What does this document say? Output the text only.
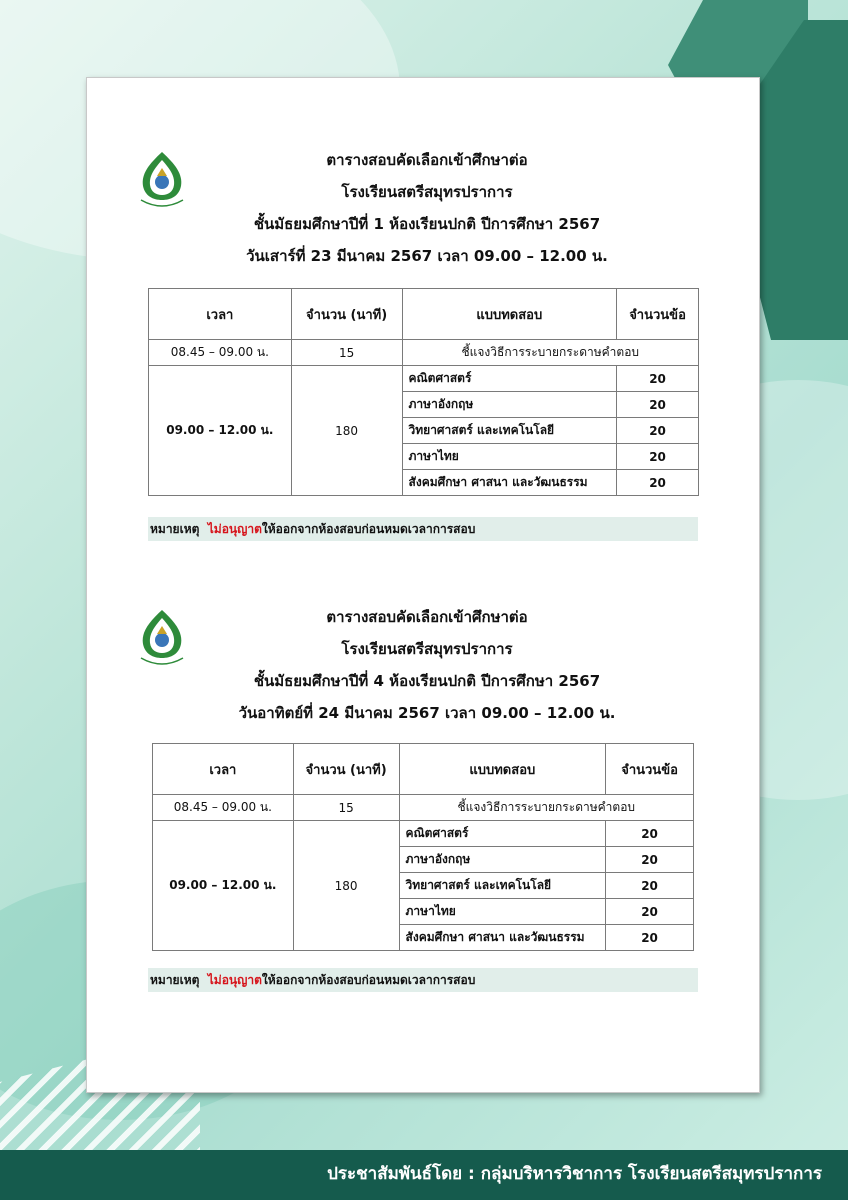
ตารางสอบคัดเลือกเข้าศึกษาต่อ
โรงเรียนสตรีสมุทรปราการ
ชั้นมัธยมศึกษาปีที่ 1 ห้องเรียนปกติ ปีการศึกษา 2567
วันเสาร์ที่ 23 มีนาคม 2567 เวลา 09.00 – 12.00 น.
เวลา	จำนวน (นาที)	แบบทดสอบ	จำนวนข้อ
08.45 – 09.00 น.	15	ชี้แจงวิธีการระบายกระดาษคำตอบ	
09.00 – 12.00 น.	180	คณิตศาสตร์	20
		ภาษาอังกฤษ	20
		วิทยาศาสตร์ และเทคโนโลยี	20
		ภาษาไทย	20
		สังคมศึกษา ศาสนา และวัฒนธรรม	20
หมายเหตุ ไม่อนุญาตให้ออกจากห้องสอบก่อนหมดเวลาการสอบ
ตารางสอบคัดเลือกเข้าศึกษาต่อ
โรงเรียนสตรีสมุทรปราการ
ชั้นมัธยมศึกษาปีที่ 4 ห้องเรียนปกติ ปีการศึกษา 2567
วันอาทิตย์ที่ 24 มีนาคม 2567 เวลา 09.00 – 12.00 น.
เวลา	จำนวน (นาที)	แบบทดสอบ	จำนวนข้อ
08.45 – 09.00 น.	15	ชี้แจงวิธีการระบายกระดาษคำตอบ	
09.00 – 12.00 น.	180	คณิตศาสตร์	20
		ภาษาอังกฤษ	20
		วิทยาศาสตร์ และเทคโนโลยี	20
		ภาษาไทย	20
		สังคมศึกษา ศาสนา และวัฒนธรรม	20
หมายเหตุ ไม่อนุญาตให้ออกจากห้องสอบก่อนหมดเวลาการสอบ
ประชาสัมพันธ์โดย : กลุ่มบริหารวิชาการ โรงเรียนสตรีสมุทรปราการ
